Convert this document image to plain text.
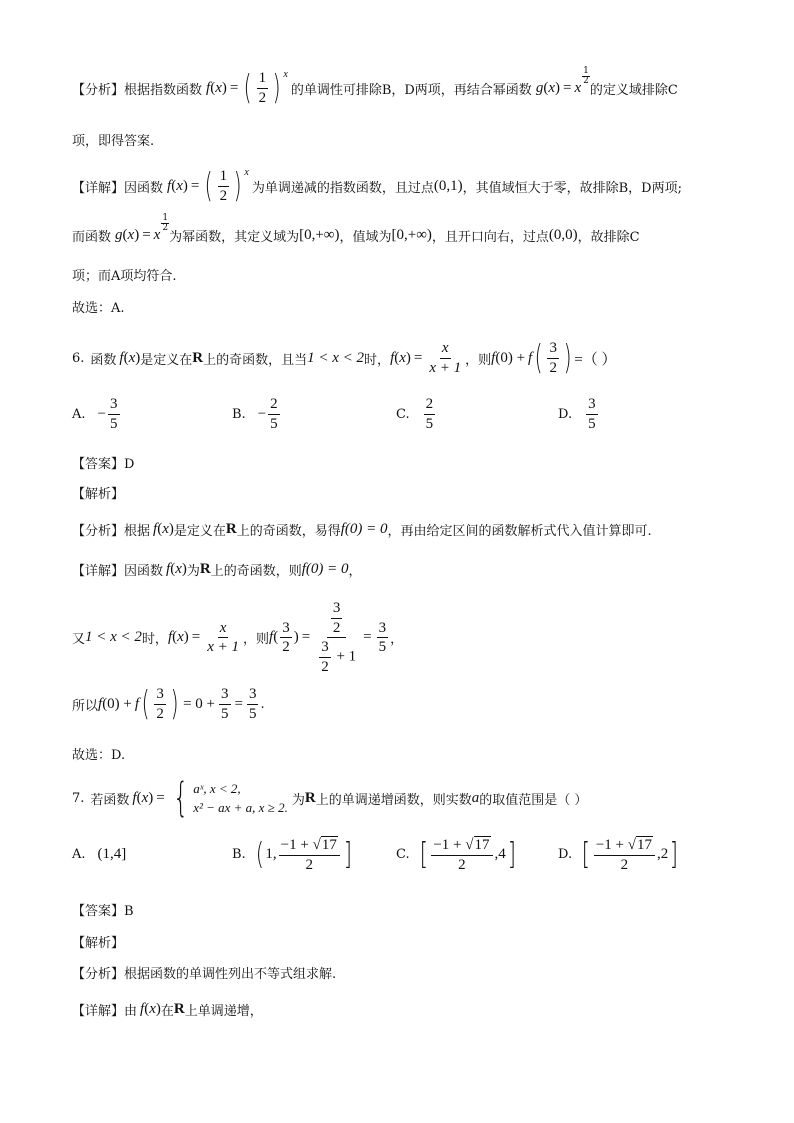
【分析】 根据指数函数 f ( x ) = ( $\frac{1}{2}$ ) x
的单调性可排除B，D两项，再结合幂函数 g ( x ) = x
$\frac{1}{2}$
的定义域排除C
项，即得答案.
【详解】 因函数 f ( x ) = ( $\frac{1}{2}$ ) x
为单调递减的指数函数，且过点 (0,1) ，其值域恒大于零，故排除B，D两项;
而函数 g ( x ) = x
$\frac{1}{2}$
为幂函数，其定义域为 [0,+∞) ，值域为 [0,+∞) ，且开口向右，过点 (0,0) ，故排除C
项；而A项均符合.
故选：A.
6. 函数 f ( x ) 是定义在 R 上的奇函数，且当 1 < x < 2 时， f ( x ) = $\frac{x}{x + 1}$ ，则 f (0) + f ( $\frac{3}{2}$ ) =（ ）
A. − $\frac{3}{5}$	B. − $\frac{2}{5}$	C. $\frac{2}{5}$	D. $\frac{3}{5}$
【答案】D
【解析】
【分析】 根据 f ( x ) 是定义在 R 上的奇函数，易得 f(0) = 0 ，再由给定区间的函数解析式代入值计算即可.
【详解】 因函数 f ( x ) 为 R 上的奇函数，则 f(0) = 0 ，
又 1 < x < 2 时， f ( x ) = $\frac{x}{x + 1}$ ，则 f ( $\frac{3}{2}$ ) = $\frac{\frac{3}{2}}{\frac{3}{2} + 1} = \frac{3}{5}$ ，
所以 f (0) + f ( $\frac{3}{2}$ ) = $0 + \frac{3}{5} = \frac{3}{5}$ .
故选：D.
7. 若函数 f ( x ) = { aˣ, x < 2,
x² − ax + a, x ≥ 2. 为 R 上的单调递增函数，则实数 a 的取值范围是（ ）
A. (1,4]	B. ( 1, $\frac{-1 + √ 17}{2}$ ]	C. [ $\frac{-1 + √ 17}{2} ,4$ ]	D. [ $\frac{-1 + √ 17}{2} ,2$ ]
【答案】B
【解析】
【分析】根据函数的单调性列出不等式组求解.
【详解】 由 f ( x ) 在 R 上单调递增，
